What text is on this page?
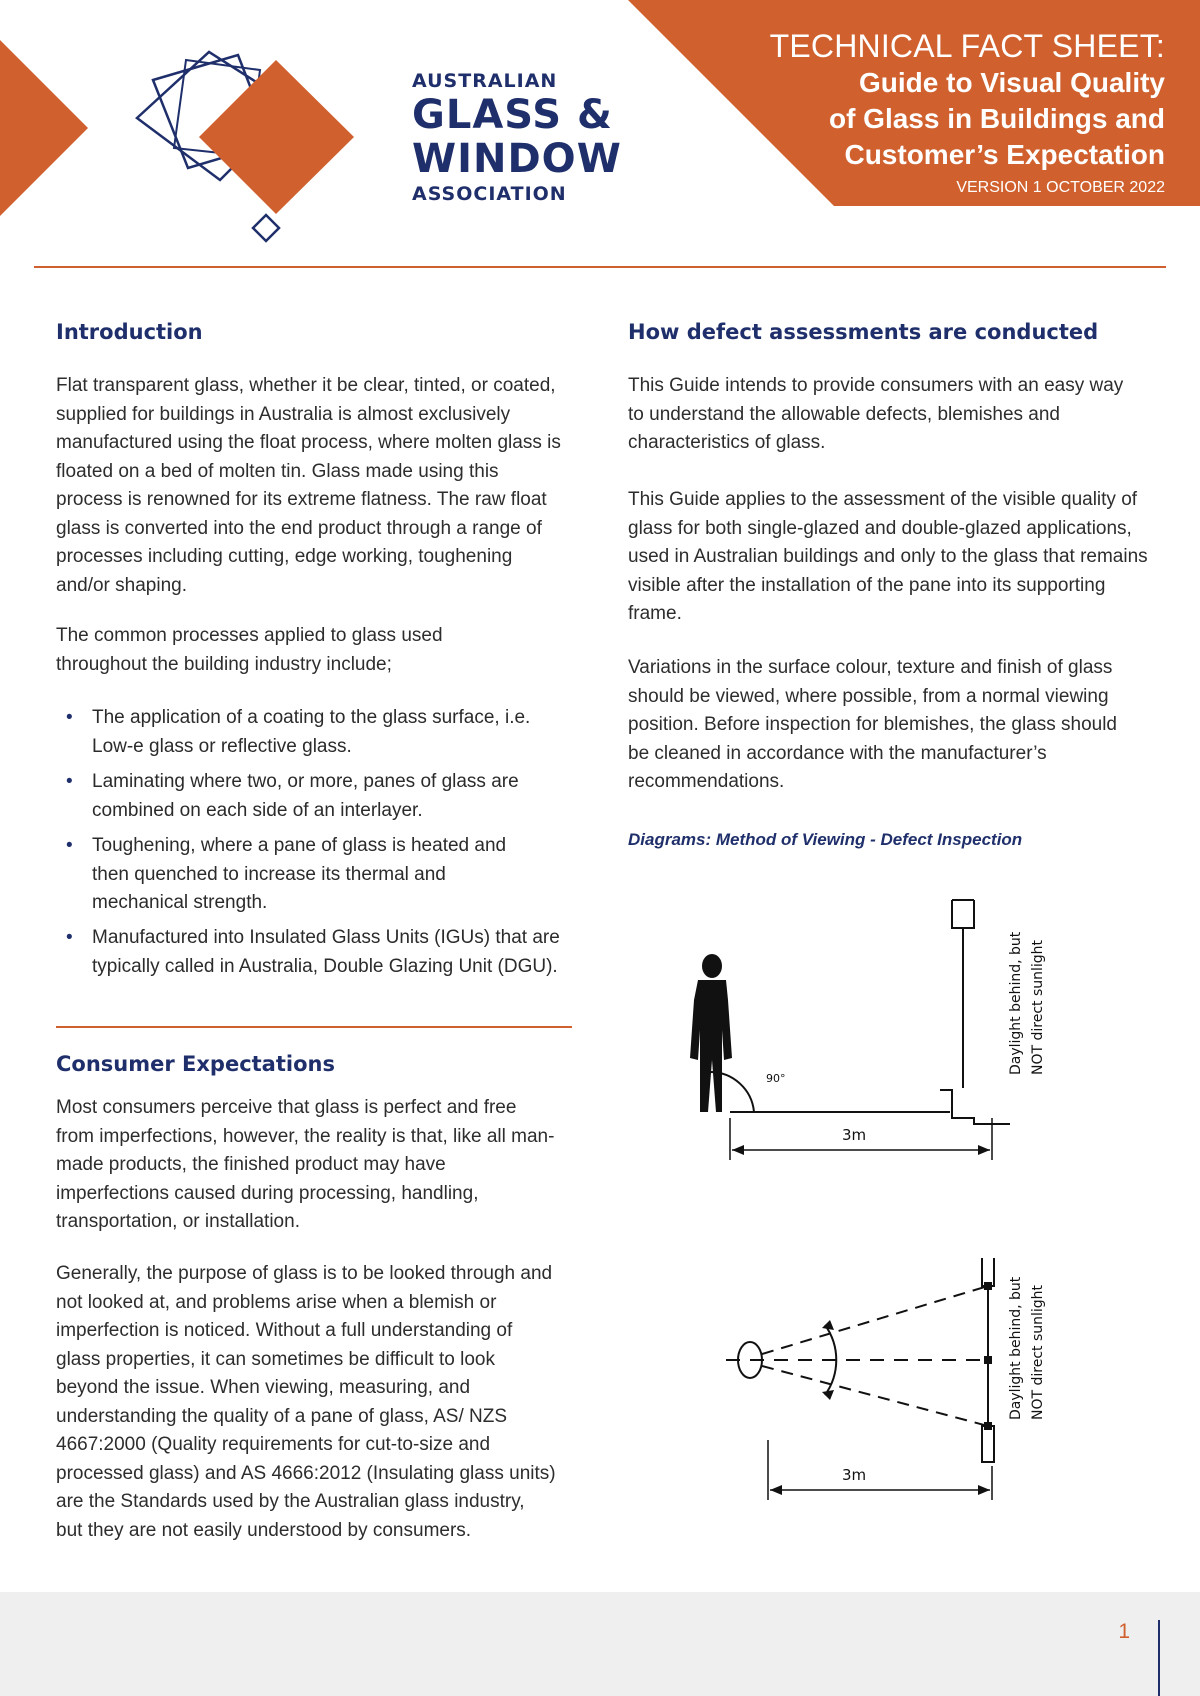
AUSTRALIAN
GLASS &
WINDOW
ASSOCIATION
TECHNICAL FACT SHEET:
Guide to Visual Quality
of Glass in Buildings and
Customer’s Expectation
VERSION 1 OCTOBER 2022
Introduction

Flat transparent glass, whether it be clear, tinted, or coated, supplied for buildings in Australia is almost exclusively manufactured using the float process, where molten glass is floated on a bed of molten tin. Glass made using this process is renowned for its extreme flatness. The raw float glass is converted into the end product through a range of processes including cutting, edge working, toughening and/or shaping.

The common processes applied to glass used throughout the building industry include;

• The application of a coating to the glass surface, i.e. Low-e glass or reflective glass.
• Laminating where two, or more, panes of glass are combined on each side of an interlayer.
• Toughening, where a pane of glass is heated and then quenched to increase its thermal and mechanical strength.
• Manufactured into Insulated Glass Units (IGUs) that are typically called in Australia, Double Glazing Unit (DGU).
Consumer Expectations

Most consumers perceive that glass is perfect and free from imperfections, however, the reality is that, like all man-made products, the finished product may have imperfections caused during processing, handling, transportation, or installation.

Generally, the purpose of glass is to be looked through and not looked at, and problems arise when a blemish or imperfection is noticed. Without a full understanding of glass properties, it can sometimes be difficult to look beyond the issue. When viewing, measuring, and understanding the quality of a pane of glass, AS/ NZS 4667:2000 (Quality requirements for cut-to-size and processed glass) and AS 4666:2012 (Insulating glass units) are the Standards used by the Australian glass industry, but they are not easily understood by consumers.

How defect assessments are conducted

This Guide intends to provide consumers with an easy way to understand the allowable defects, blemishes and characteristics of glass.

This Guide applies to the assessment of the visible quality of glass for both single-glazed and double-glazed applications, used in Australian buildings and only to the glass that remains visible after the installation of the pane into its supporting frame.

Variations in the surface colour, texture and finish of glass should be viewed, where possible, from a normal viewing position. Before inspection for blemishes, the glass should be cleaned in accordance with the manufacturer’s recommendations.

Diagrams: Method of Viewing - Defect Inspection
90°
3m
Daylight behind, but NOT direct sunlight
3m
Daylight behind, but NOT direct sunlight
1
